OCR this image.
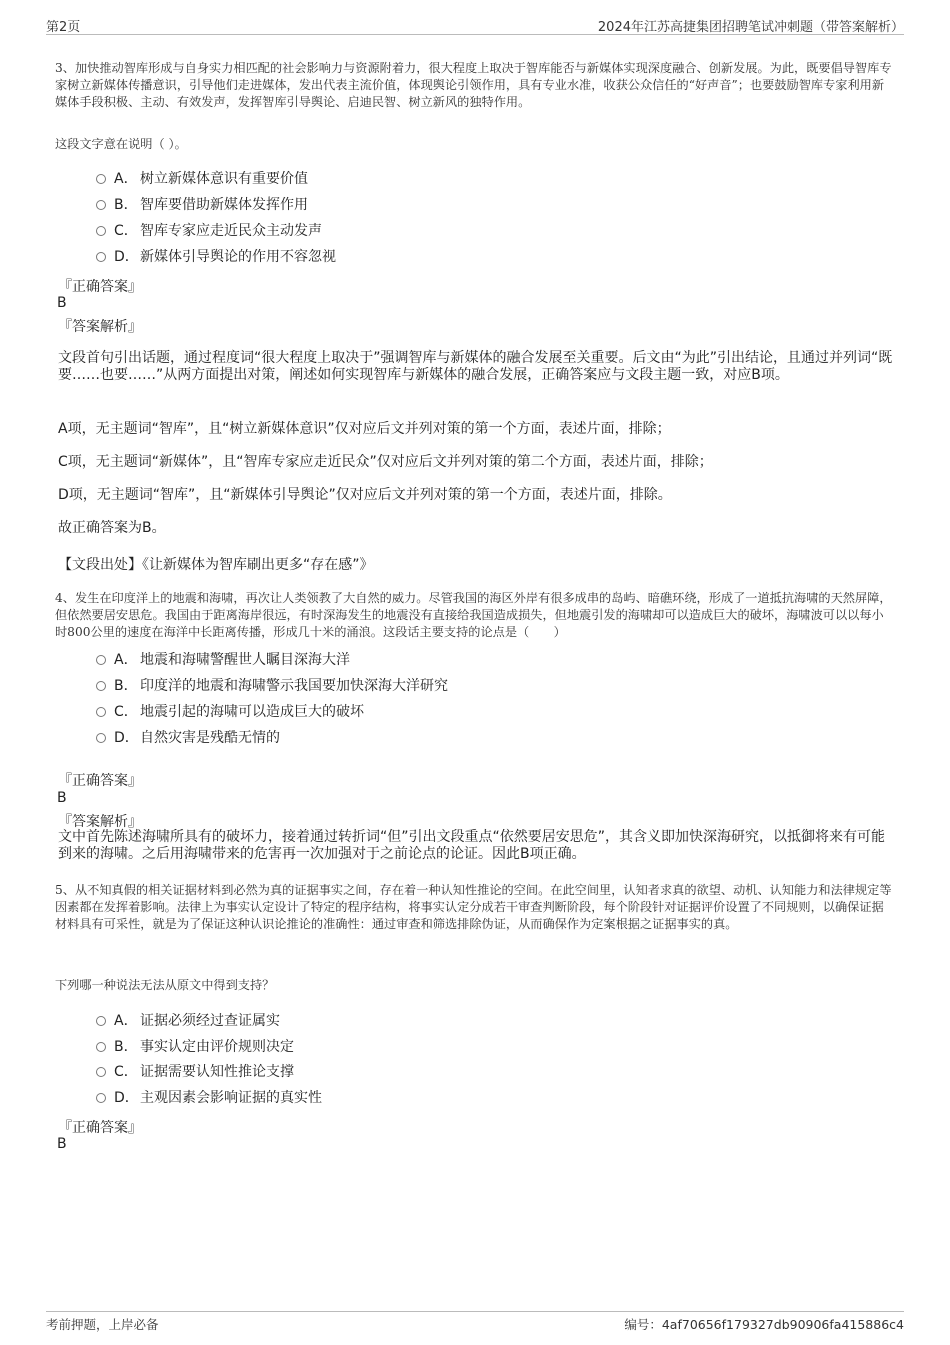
第2页	2024年江苏高捷集团招聘笔试冲刺题（带答案解析）
3、加快推动智库形成与自身实力相匹配的社会影响力与资源附着力，很大程度上取决于智库能否与新媒体实现深度融合、创新发展。为此，既要倡导智库专家树立新媒体传播意识，引导他们走进媒体，发出代表主流价值，体现舆论引领作用，具有专业水准，收获公众信任的“好声音”；也要鼓励智库专家利用新媒体手段积极、主动、有效发声，发挥智库引导舆论、启迪民智、树立新风的独特作用。
这段文字意在说明（ ）。
A． 树立新媒体意识有重要价值
B． 智库要借助新媒体发挥作用
C． 智库专家应走近民众主动发声
D．新媒体引导舆论的作用不容忽视
『正确答案』
B
『答案解析』
文段首句引出话题，通过程度词“很大程度上取决于”强调智库与新媒体的融合发展至关重要。后文由“为此”引出结论，且通过并列词“既要……也要……”从两方面提出对策，阐述如何实现智库与新媒体的融合发展，正确答案应与文段主题一致，对应B项。
A项，无主题词“智库”，且“树立新媒体意识”仅对应后文并列对策的第一个方面，表述片面，排除；
C项，无主题词“新媒体”，且“智库专家应走近民众”仅对应后文并列对策的第二个方面，表述片面，排除；
D项，无主题词“智库”，且“新媒体引导舆论”仅对应后文并列对策的第一个方面，表述片面，排除。
故正确答案为B。
【文段出处】《让新媒体为智库刷出更多“存在感”》
4、发生在印度洋上的地震和海啸，再次让人类领教了大自然的威力。尽管我国的海区外岸有很多成串的岛屿、暗礁环绕，形成了一道抵抗海啸的天然屏障，但依然要居安思危。我国由于距离海岸很远，有时深海发生的地震没有直接给我国造成损失，但地震引发的海啸却可以造成巨大的破坏，海啸波可以以每小时800公里的速度在海洋中长距离传播，形成几十米的涌浪。这段话主要支持的论点是（　　）
A． 地震和海啸警醒世人瞩目深海大洋
B． 印度洋的地震和海啸警示我国要加快深海大洋研究
C． 地震引起的海啸可以造成巨大的破坏
D．自然灾害是残酷无情的
『正确答案』
B
『答案解析』
文中首先陈述海啸所具有的破坏力，接着通过转折词“但”引出文段重点“依然要居安思危”，其含义即加快深海研究，以抵御将来有可能到来的海啸。之后用海啸带来的危害再一次加强对于之前论点的论证。因此B项正确。
5、从不知真假的相关证据材料到必然为真的证据事实之间，存在着一种认知性推论的空间。在此空间里，认知者求真的欲望、动机、认知能力和法律规定等因素都在发挥着影响。法律上为事实认定设计了特定的程序结构，将事实认定分成若干审查判断阶段，每个阶段针对证据评价设置了不同规则，以确保证据材料具有可采性，就是为了保证这种认识论推论的准确性：通过审查和筛选排除伪证，从而确保作为定案根据之证据事实的真。
下列哪一种说法无法从原文中得到支持？
A． 证据必须经过查证属实
B． 事实认定由评价规则决定
C． 证据需要认知性推论支撑
D．主观因素会影响证据的真实性
『正确答案』
B
考前押题，上岸必备	编号：4af70656f179327db90906fa415886c4
